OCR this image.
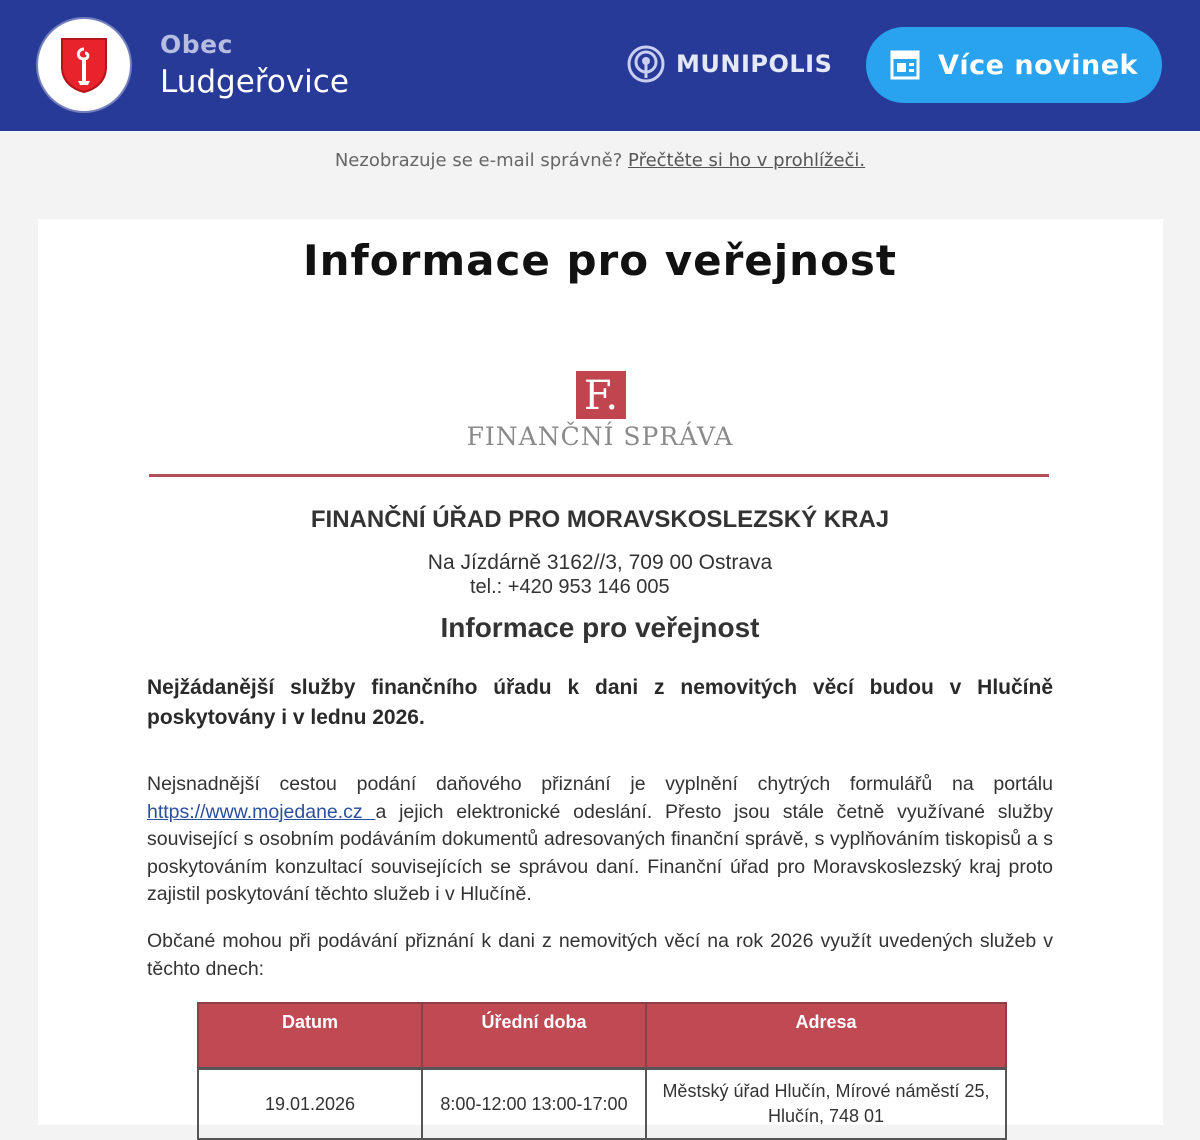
Obec
Ludgeřovice	MUNIPOLIS	Více novinek
Nezobrazuje se e-mail správně? Přečtěte si ho v prohlížeči.
Informace pro veřejnost
F.
FINANČNÍ SPRÁVA
FINANČNÍ ÚŘAD PRO MORAVSKOSLEZSKÝ KRAJ
Na Jízdárně 3162//3, 709 00 Ostrava
tel.: +420 953 146 005
Informace pro veřejnost
Nejžádanější služby finančního úřadu k dani z nemovitých věcí budou v Hlučíně poskytovány i v lednu 2026.
Nejsnadnější cestou podání daňového přiznání je vyplnění chytrých formulářů na portálu https://www.mojedane.cz a jejich elektronické odeslání. Přesto jsou stále četně využívané služby související s osobním podáváním dokumentů adresovaných finanční správě, s vyplňováním tiskopisů a s poskytováním konzultací souvisejících se správou daní. Finanční úřad pro Moravskoslezský kraj proto zajistil poskytování těchto služeb i v Hlučíně.
Občané mohou při podávání přiznání k dani z nemovitých věcí na rok 2026 využít uvedených služeb v těchto dnech:
Datum	Úřední doba	Adresa
19.01.2026	8:00-12:00 13:00-17:00	Městský úřad Hlučín, Mírové náměstí 25,
Hlučín, 748 01
